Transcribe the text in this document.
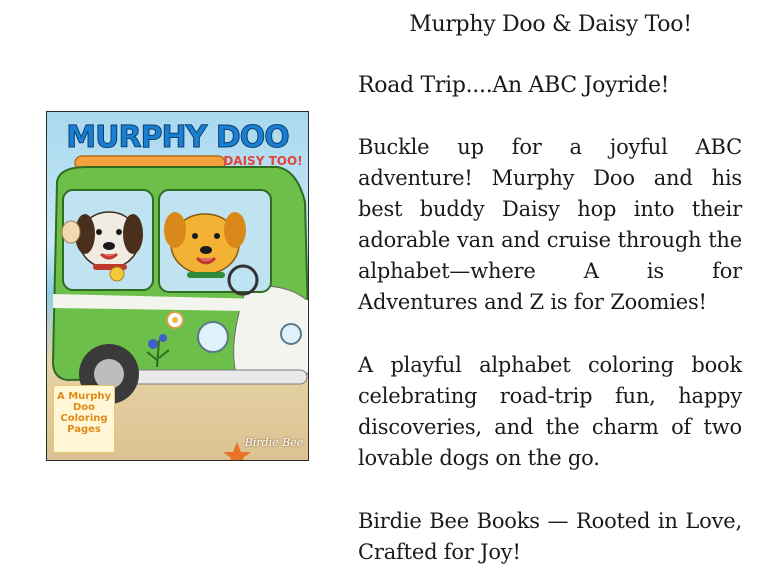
Murphy Doo & Daisy Too!
Road Trip....An ABC Joyride!
MURPHY DOO
DAISY TOO!
A Murphy Doo Coloring Pages
Birdie Bee
Buckle up for a joyful ABC adventure! Murphy Doo and his best buddy Daisy hop into their adorable van and cruise through the alphabet—where A is for Adventures and Z is for Zoomies!
A playful alphabet coloring book celebrating road-trip fun, happy discoveries, and the charm of two lovable dogs on the go.
Birdie Bee Books — Rooted in Love, Crafted for Joy!
